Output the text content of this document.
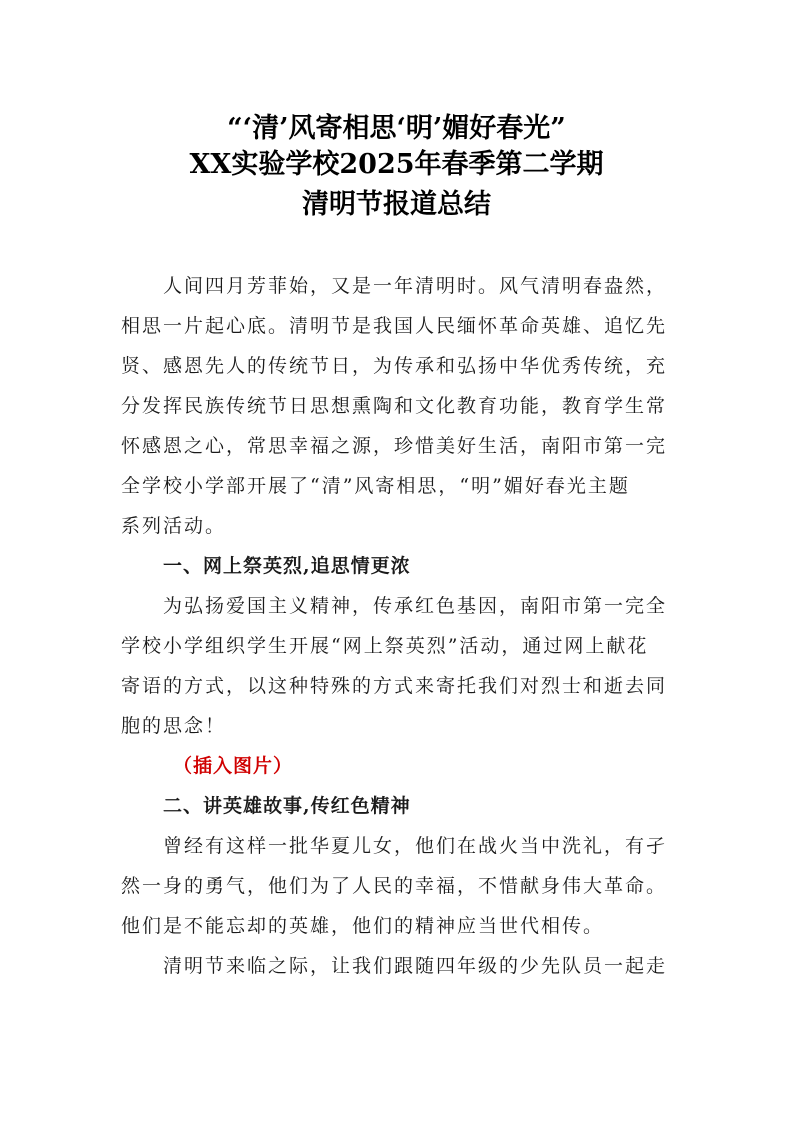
“‘清’风寄相思‘明’媚好春光”
XX实验学校2025年春季第二学期
清明节报道总结
人间四月芳菲始，又是一年清明时。风气清明春盎然，
相思一片起心底。清明节是我国人民缅怀革命英雄、追忆先
贤、感恩先人的传统节日，为传承和弘扬中华优秀传统，充
分发挥民族传统节日思想熏陶和文化教育功能，教育学生常
怀感恩之心，常思幸福之源，珍惜美好生活，南阳市第一完
全学校小学部开展了“清”风寄相思，“明”媚好春光主题
系列活动。
一、网上祭英烈,追思情更浓
为弘扬爱国主义精神，传承红色基因，南阳市第一完全
学校小学组织学生开展“网上祭英烈”活动，通过网上献花
寄语的方式，以这种特殊的方式来寄托我们对烈士和逝去同
胞的思念！
（插入图片）
二、讲英雄故事,传红色精神
曾经有这样一批华夏儿女，他们在战火当中洗礼，有孑
然一身的勇气，他们为了人民的幸福，不惜献身伟大革命。
他们是不能忘却的英雄，他们的精神应当世代相传。
清明节来临之际，让我们跟随四年级的少先队员一起走
